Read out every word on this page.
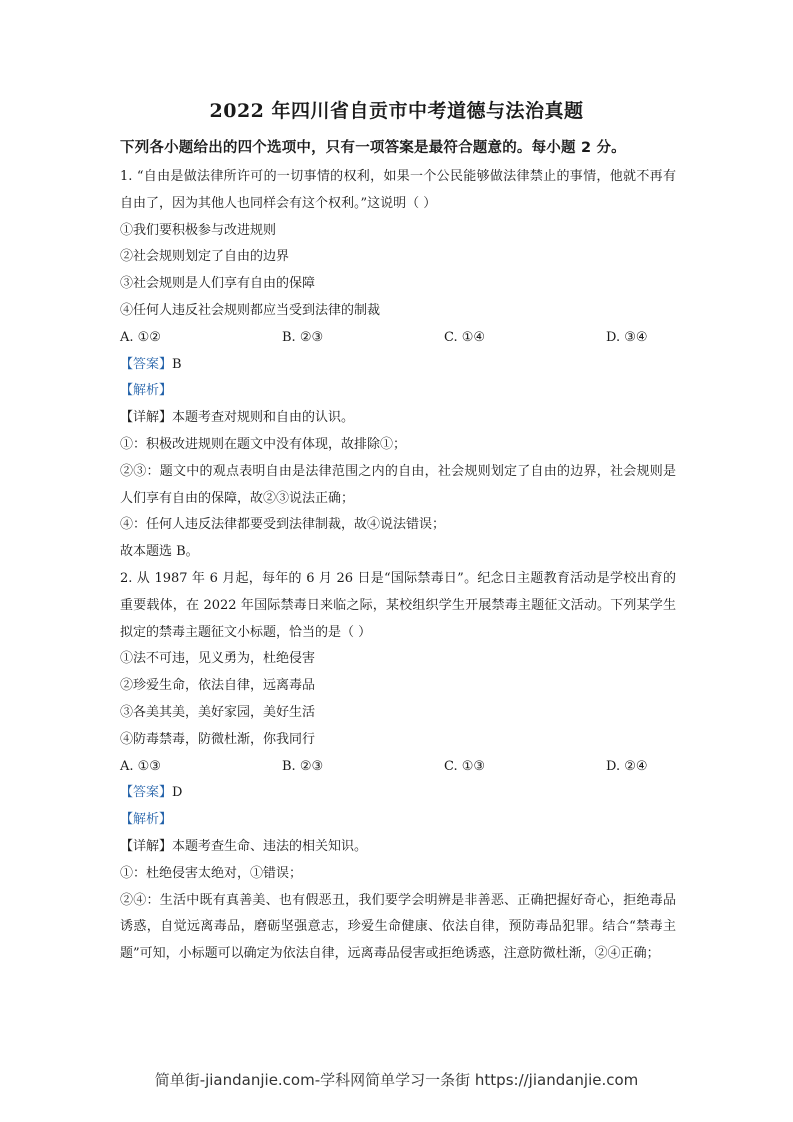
2022 年四川省自贡市中考道德与法治真题
下列各小题给出的四个选项中，只有一项答案是最符合题意的。每小题 2 分。

1. “自由是做法律所许可的一切事情的权利，如果一个公民能够做法律禁止的事情，他就不再有自由了，因为其他人也同样会有这个权利。”这说明（ ）

①我们要积极参与改进规则

②社会规则划定了自由的边界

③社会规则是人们享有自由的保障

④任何人违反社会规则都应当受到法律的制裁

A. ①②	B. ②③	C. ①④	D. ③④

【答案】B

【解析】

【详解】本题考查对规则和自由的认识。

①：积极改进规则在题文中没有体现，故排除①；

②③：题文中的观点表明自由是法律范围之内的自由，社会规则划定了自由的边界，社会规则是人们享有自由的保障，故②③说法正确；

④：任何人违反法律都要受到法律制裁，故④说法错误；

故本题选 B。

2. 从 1987 年 6 月起，每年的 6 月 26 日是“国际禁毒日”。纪念日主题教育活动是学校出育的重要载体，在 2022 年国际禁毒日来临之际，某校组织学生开展禁毒主题征文活动。下列某学生拟定的禁毒主题征文小标题，恰当的是（ ）

①法不可违，见义勇为，杜绝侵害

②珍爱生命，依法自律，远离毒品

③各美其美，美好家园，美好生活

④防毒禁毒，防微杜渐，你我同行

A. ①③	B. ②③	C. ①③	D. ②④

【答案】D

【解析】

【详解】本题考查生命、违法的相关知识。

①：杜绝侵害太绝对，①错误；

②④：生活中既有真善美、也有假恶丑，我们要学会明辨是非善恶、正确把握好奇心，拒绝毒品诱惑，自觉远离毒品，磨砺坚强意志，珍爱生命健康、依法自律，预防毒品犯罪。结合“禁毒主题”可知，小标题可以确定为依法自律，远离毒品侵害或拒绝诱惑，注意防微杜渐，②④正确；

简单街-jiandanjie.com-学科网简单学习一条街 https://jiandanjie.com
